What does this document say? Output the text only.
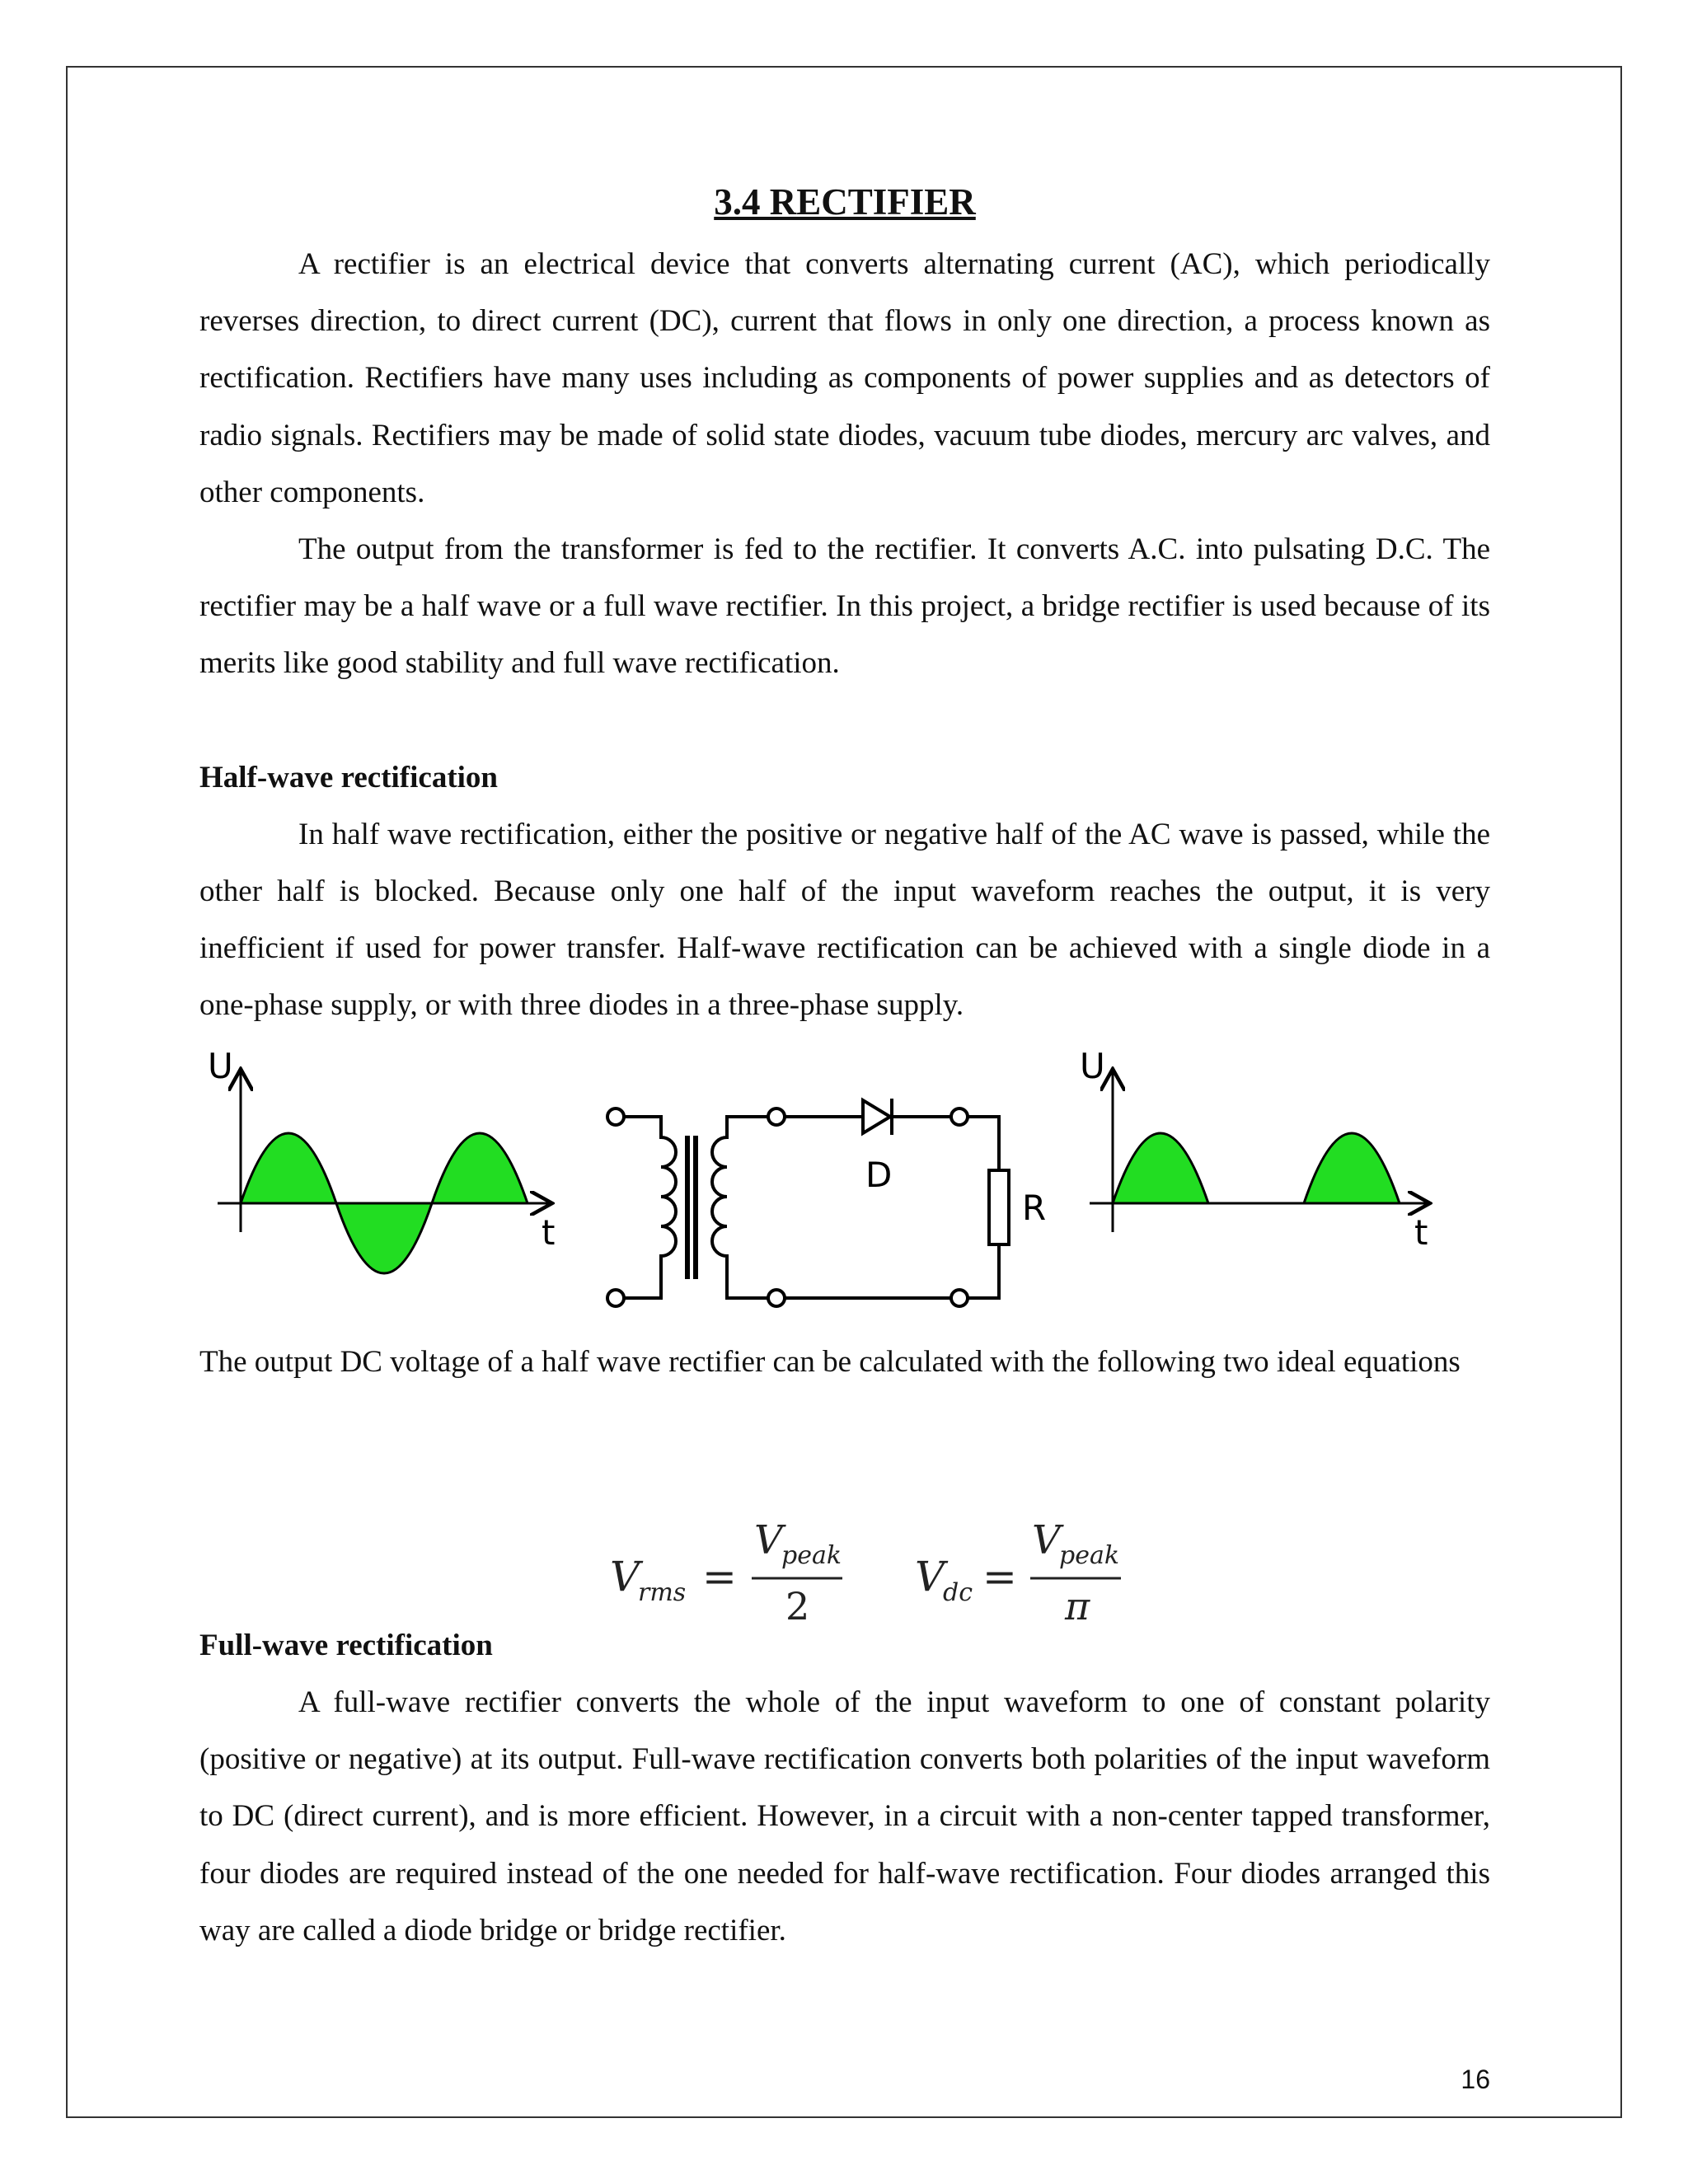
3.4 RECTIFIER

A rectifier is an electrical device that converts alternating current (AC), which periodically reverses direction, to direct current (DC), current that flows in only one direction, a process known as rectification. Rectifiers have many uses including as components of power supplies and as detectors of radio signals. Rectifiers may be made of solid state diodes, vacuum tube diodes, mercury arc valves, and other components.

The output from the transformer is fed to the rectifier. It converts A.C. into pulsating D.C. The rectifier may be a half wave or a full wave rectifier. In this project, a bridge rectifier is used because of its merits like good stability and full wave rectification.

Half-wave rectification

In half wave rectification, either the positive or negative half of the AC wave is passed, while the other half is blocked. Because only one half of the input waveform reaches the output, it is very inefficient if used for power transfer. Half-wave rectification can be achieved with a single diode in a one-phase supply, or with three diodes in a three-phase supply.

U
t
D
R
U
t

The output DC voltage of a half wave rectifier can be calculated with the following two ideal equations

V
rms =
V
peak
2
V
dc =
V
peak
π

Full-wave rectification

A full-wave rectifier converts the whole of the input waveform to one of constant polarity (positive or negative) at its output. Full-wave rectification converts both polarities of the input waveform to DC (direct current), and is more efficient. However, in a circuit with a non-center tapped transformer, four diodes are required instead of the one needed for half-wave rectification. Four diodes arranged this way are called a diode bridge or bridge rectifier.

16
